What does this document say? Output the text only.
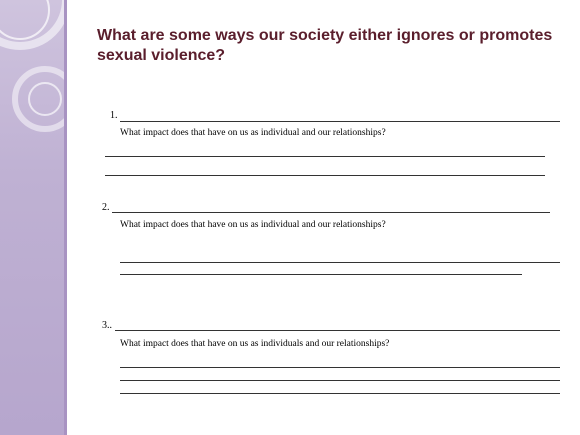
What are some ways our society either ignores or promotes sexual violence?
1.
What impact does that have on us as individual and our relationships?
2.
What impact does that have on us as individual and our relationships?
3..
What impact does that have on us as individuals and our relationships?
